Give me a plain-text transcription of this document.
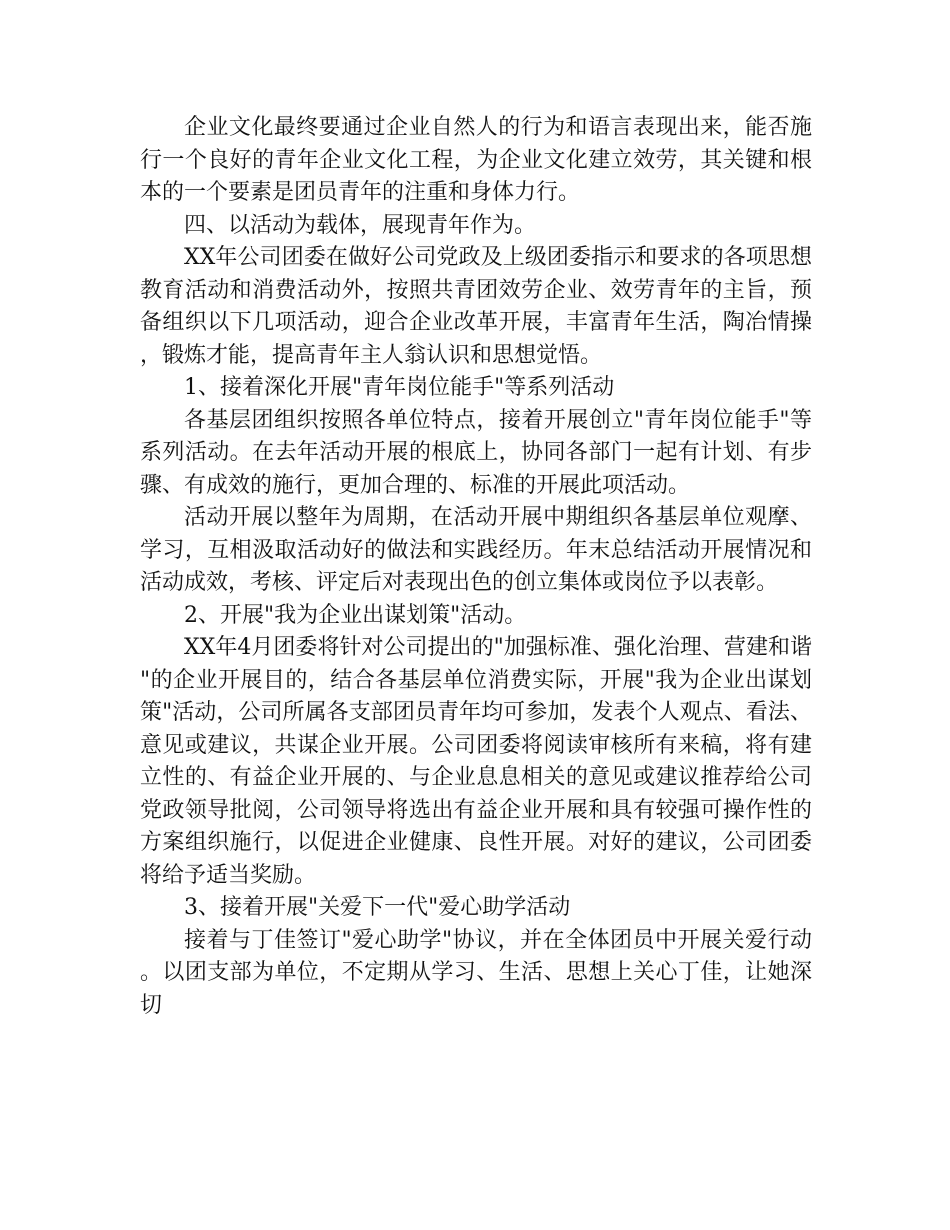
企业文化最终要通过企业自然人的行为和语言表现出来，能否施行一个良好的青年企业文化工程，为企业文化建立效劳，其关键和根本的一个要素是团员青年的注重和身体力行。

四、以活动为载体，展现青年作为。

XX年公司团委在做好公司党政及上级团委指示和要求的各项思想教育活动和消费活动外，按照共青团效劳企业、效劳青年的主旨，预备组织以下几项活动，迎合企业改革开展，丰富青年生活，陶冶情操，锻炼才能，提高青年主人翁认识和思想觉悟。

1、接着深化开展"青年岗位能手"等系列活动

各基层团组织按照各单位特点，接着开展创立"青年岗位能手"等系列活动。在去年活动开展的根底上，协同各部门一起有计划、有步骤、有成效的施行，更加合理的、标准的开展此项活动。

活动开展以整年为周期，在活动开展中期组织各基层单位观摩、学习，互相汲取活动好的做法和实践经历。年末总结活动开展情况和活动成效，考核、评定后对表现出色的创立集体或岗位予以表彰。

2、开展"我为企业出谋划策"活动。

XX年4月团委将针对公司提出的"加强标准、强化治理、营建和谐"的企业开展目的，结合各基层单位消费实际，开展"我为企业出谋划策"活动，公司所属各支部团员青年均可参加，发表个人观点、看法、意见或建议，共谋企业开展。公司团委将阅读审核所有来稿，将有建立性的、有益企业开展的、与企业息息相关的意见或建议推荐给公司党政领导批阅，公司领导将选出有益企业开展和具有较强可操作性的方案组织施行，以促进企业健康、良性开展。对好的建议，公司团委将给予适当奖励。

3、接着开展"关爱下一代"爱心助学活动

接着与丁佳签订"爱心助学"协议，并在全体团员中开展关爱行动。以团支部为单位，不定期从学习、生活、思想上关心丁佳，让她深切
